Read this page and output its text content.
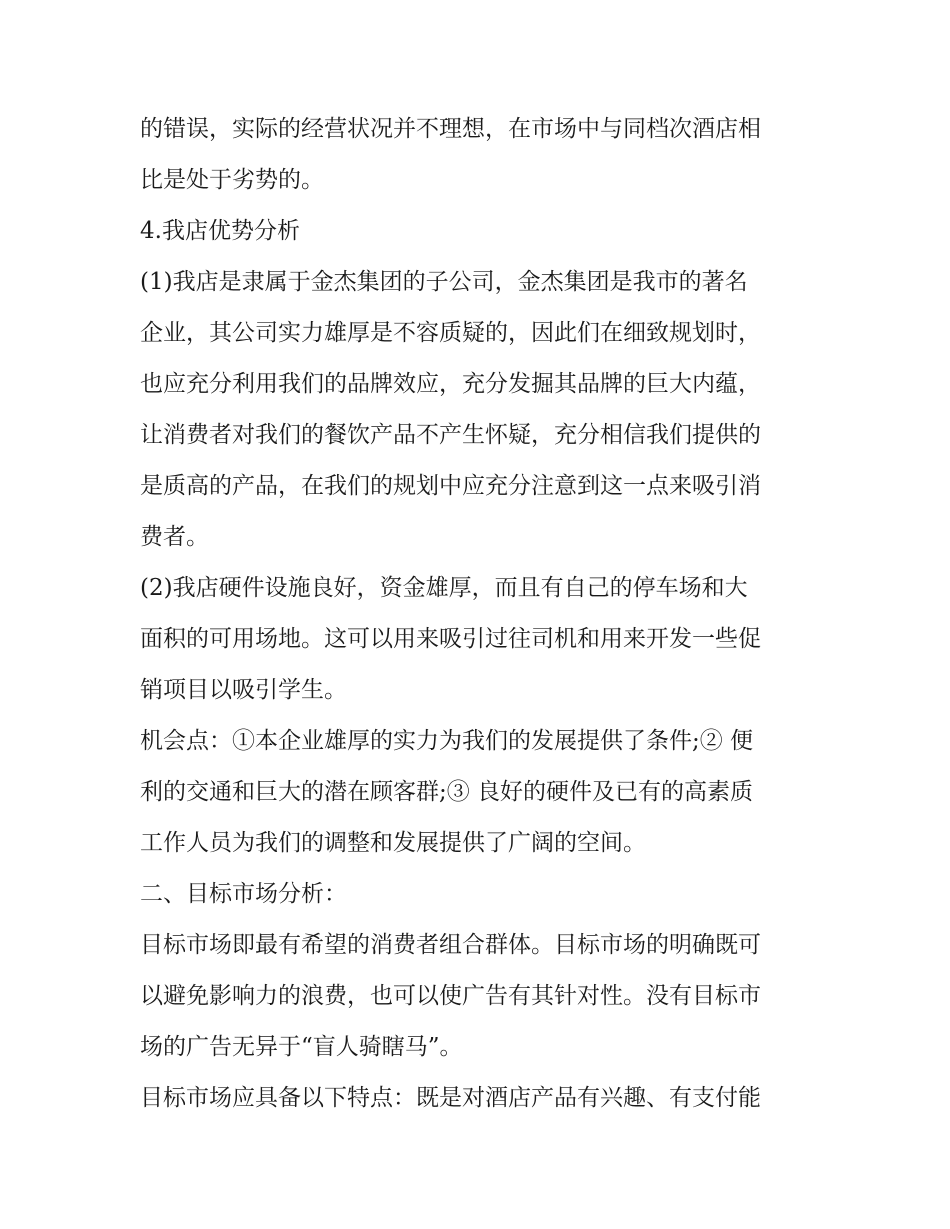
的错误，实际的经营状况并不理想，在市场中与同档次酒店相
比是处于劣势的。
4.我店优势分析
(1)我店是隶属于金杰集团的子公司，金杰集团是我市的著名
企业，其公司实力雄厚是不容质疑的，因此们在细致规划时，
也应充分利用我们的品牌效应，充分发掘其品牌的巨大内蕴，
让消费者对我们的餐饮产品不产生怀疑，充分相信我们提供的
是质高的产品，在我们的规划中应充分注意到这一点来吸引消
费者。
(2)我店硬件设施良好，资金雄厚，而且有自己的停车场和大
面积的可用场地。这可以用来吸引过往司机和用来开发一些促
销项目以吸引学生。
机会点：①本企业雄厚的实力为我们的发展提供了条件;② 便
利的交通和巨大的潜在顾客群;③ 良好的硬件及已有的高素质
工作人员为我们的调整和发展提供了广阔的空间。
二、目标市场分析：
目标市场即最有希望的消费者组合群体。目标市场的明确既可
以避免影响力的浪费，也可以使广告有其针对性。没有目标市
场的广告无异于“盲人骑瞎马”。
目标市场应具备以下特点：既是对酒店产品有兴趣、有支付能
